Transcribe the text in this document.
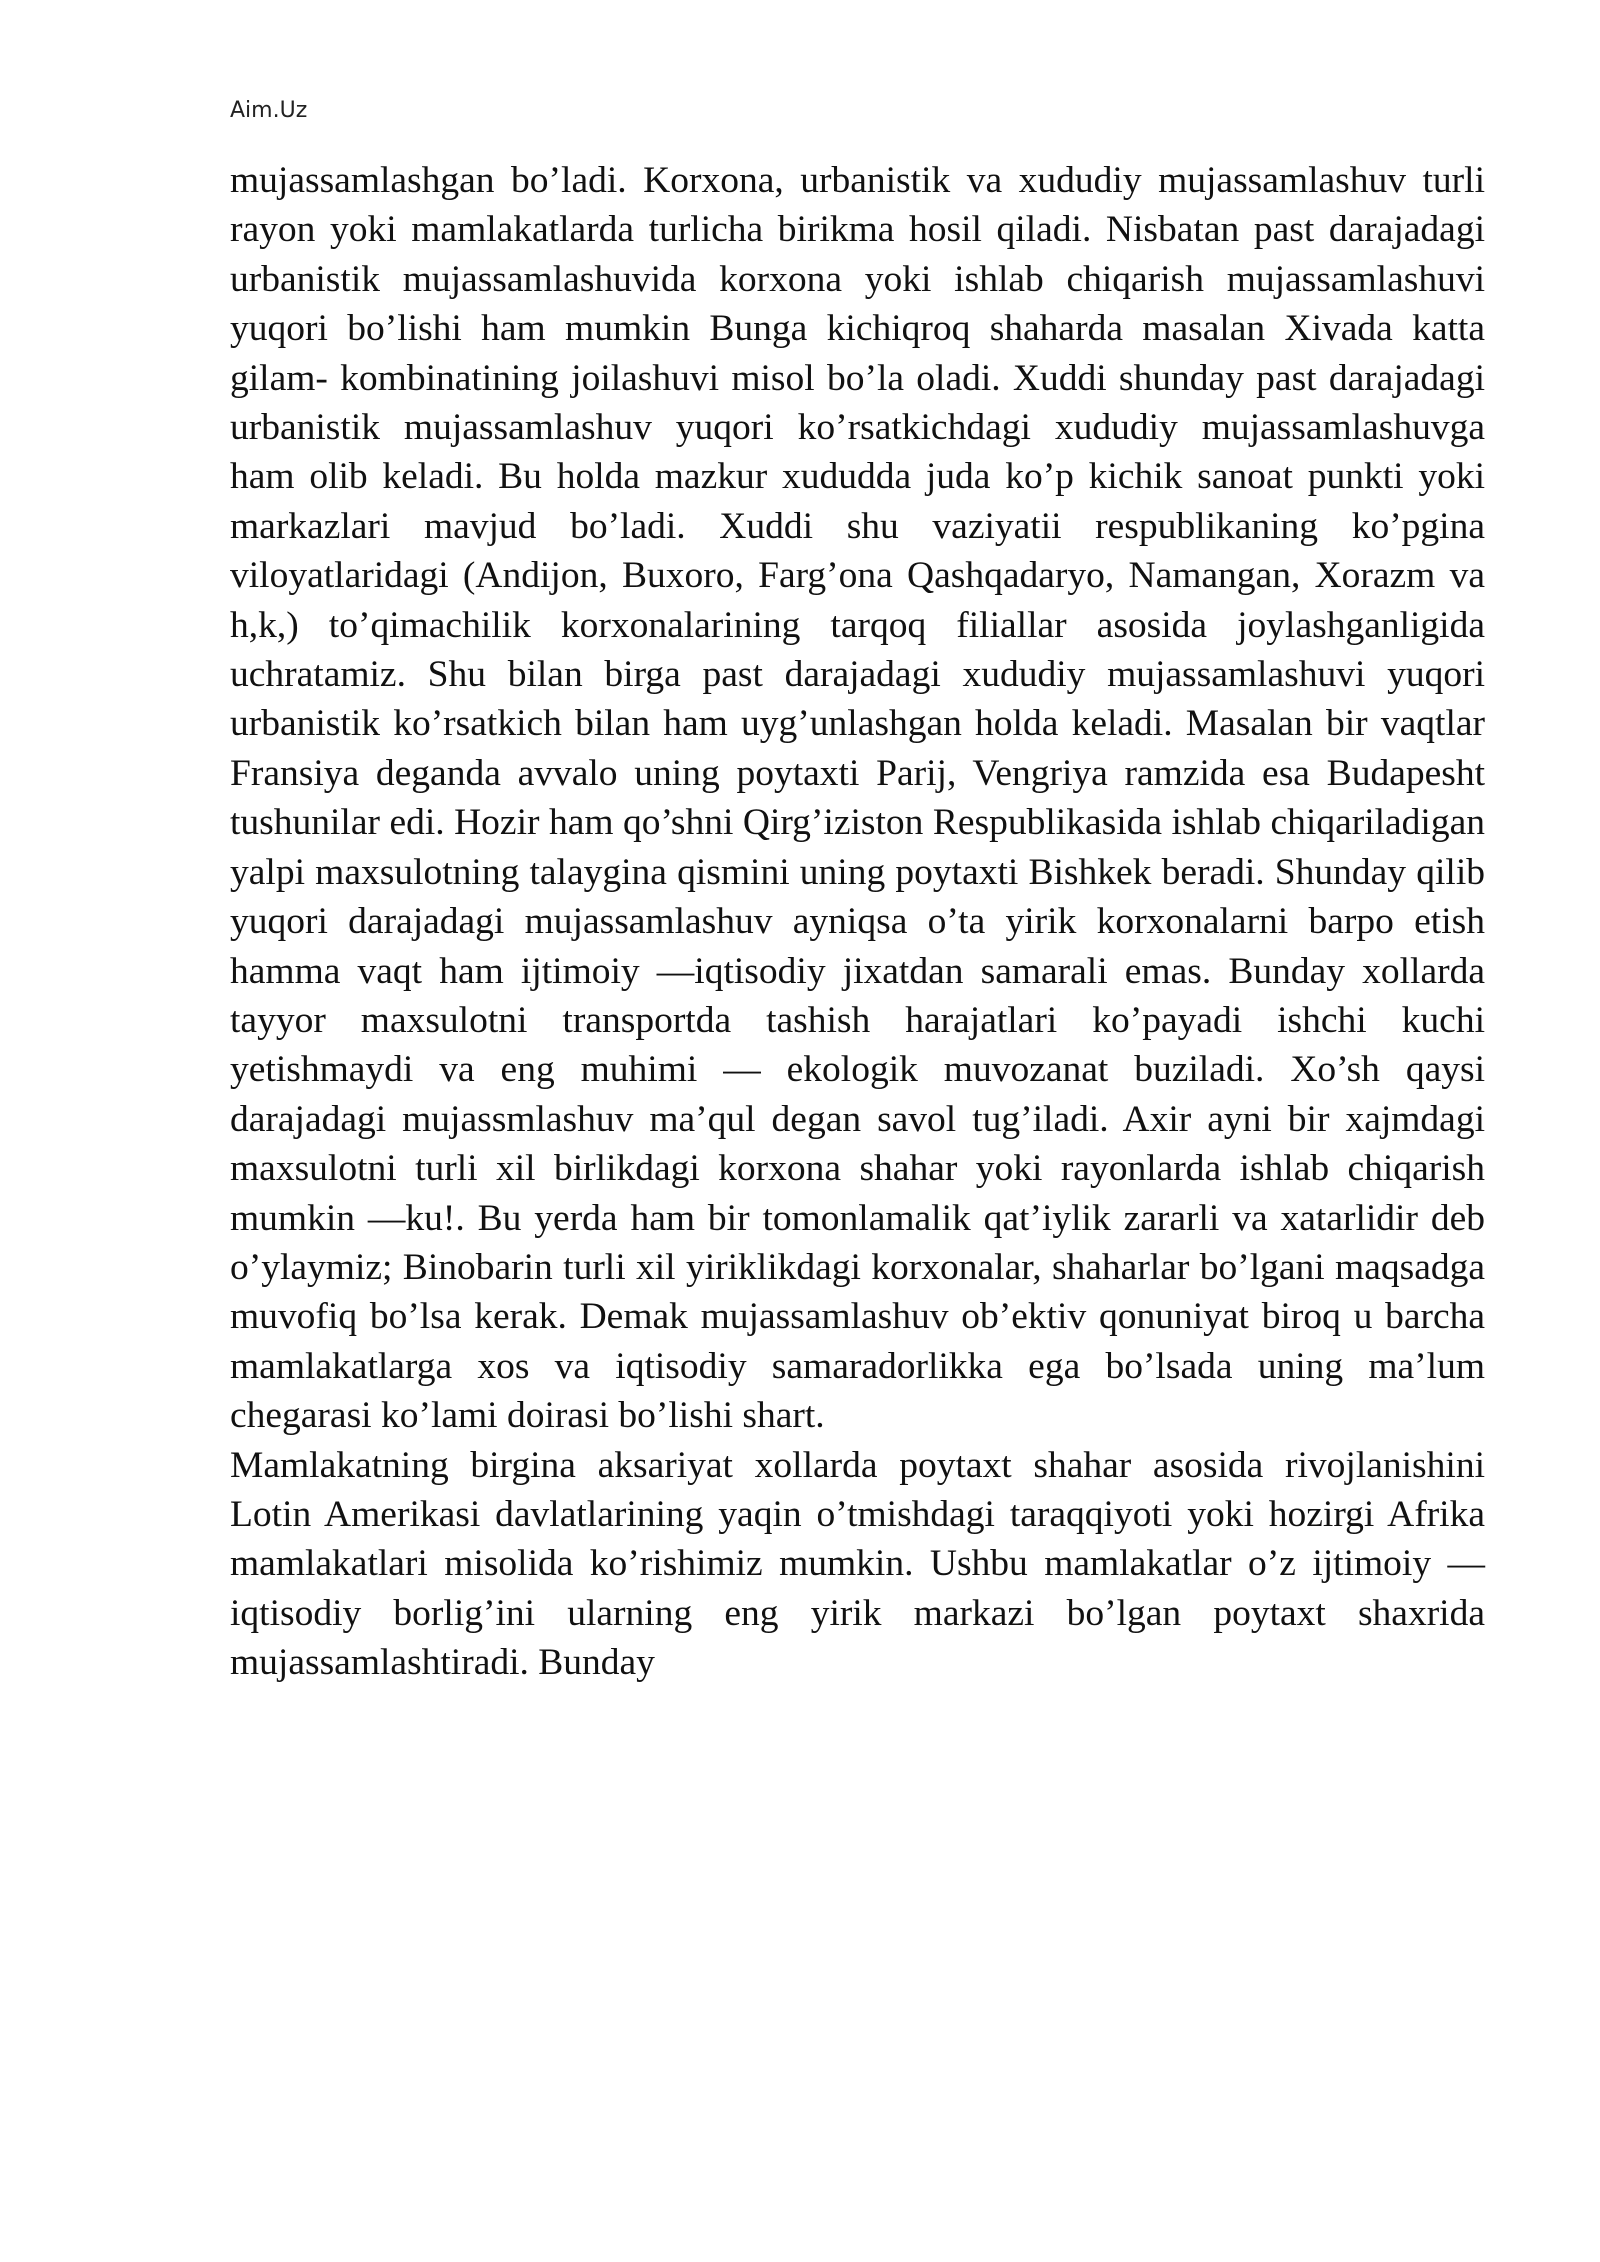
Aim.Uz

mujassamlashgan bo’ladi. Korxona, urbanistik va xududiy mujassamlashuv turli rayon yoki mamlakatlarda turlicha birikma hosil qiladi. Nisbatan past darajadagi urbanistik mujassamlashuvida korxona yoki ishlab chiqarish mujassamlashuvi yuqori bo’lishi ham mumkin Bunga kichiqroq shaharda masalan Xivada katta gilam- kombinatining joilashuvi misol bo’la oladi. Xuddi shunday past darajadagi urbanistik mujassamlashuv yuqori ko’rsatkichdagi xududiy mujassamlashuvga ham olib keladi. Bu holda mazkur xududda juda ko’p kichik sanoat punkti yoki markazlari mavjud bo’ladi. Xuddi shu vaziyatii respublikaning ko’pgina viloyatlaridagi (Andijon, Buxoro, Farg’ona Qashqadaryo, Namangan, Xorazm va h,k,) to’qimachilik korxonalarining tarqoq filiallar asosida joylashganligida uchratamiz. Shu bilan birga past darajadagi xududiy mujassamlashuvi yuqori urbanistik ko’rsatkich bilan ham uyg’unlashgan holda keladi. Masalan bir vaqtlar Fransiya deganda avvalo uning poytaxti Parij, Vengriya ramzida esa Budapesht tushunilar edi. Hozir ham qo’shni Qirg’iziston Respublikasida ishlab chiqariladigan yalpi maxsulotning talaygina qismini uning poytaxti Bishkek beradi. Shunday qilib yuqori darajadagi mujassamlashuv ayniqsa o’ta yirik korxonalarni barpo etish hamma vaqt ham ijtimoiy —iqtisodiy jixatdan samarali emas. Bunday xollarda tayyor maxsulotni transportda tashish harajatlari ko’payadi ishchi kuchi yetishmaydi va eng muhimi — ekologik muvozanat buziladi. Xo’sh qaysi darajadagi mujassmlashuv ma’qul degan savol tug’iladi. Axir ayni bir xajmdagi maxsulotni turli xil birlikdagi korxona shahar yoki rayonlarda ishlab chiqarish mumkin —ku!. Bu yerda ham bir tomonlamalik qat’iylik zararli va xatarlidir deb o’ylaymiz; Binobarin turli xil yiriklikdagi korxonalar, shaharlar bo’lgani maqsadga muvofiq bo’lsa kerak. Demak mujassamlashuv ob’ektiv qonuniyat biroq u barcha mamlakatlarga xos va iqtisodiy samaradorlikka ega bo’lsada uning ma’lum chegarasi ko’lami doirasi bo’lishi shart.

Mamlakatning birgina aksariyat xollarda poytaxt shahar asosida rivojlanishini Lotin Amerikasi davlatlarining yaqin o’tmishdagi taraqqiyoti yoki hozirgi Afrika mamlakatlari misolida ko’rishimiz mumkin. Ushbu mamlakatlar o’z ijtimoiy —iqtisodiy borlig’ini ularning eng yirik markazi bo’lgan poytaxt shaxrida mujassamlashtiradi. Bunday
